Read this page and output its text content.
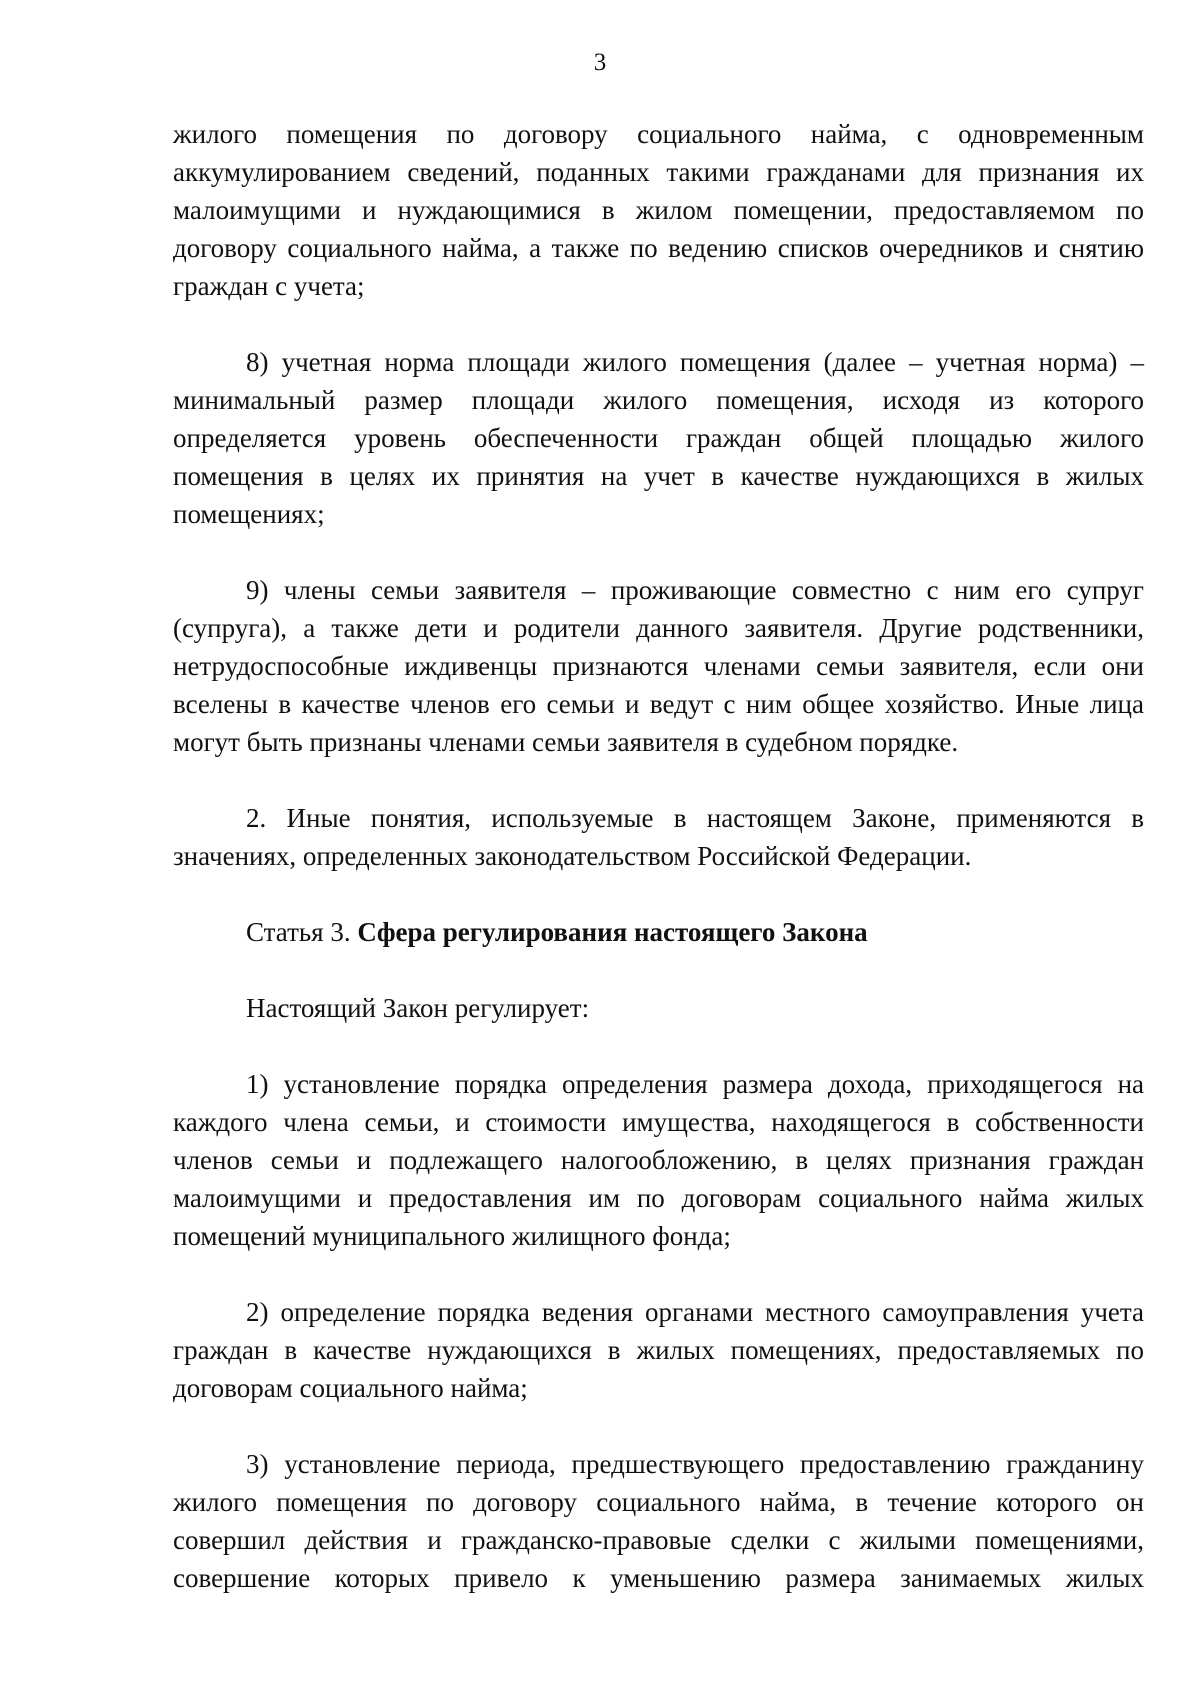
3

жилого помещения по договору социального найма, с одновременным аккумулированием сведений, поданных такими гражданами для признания их малоимущими и нуждающимися в жилом помещении, предоставляемом по договору социального найма, а также по ведению списков очередников и снятию граждан с учета;

8) учетная норма площади жилого помещения (далее – учетная норма) – минимальный размер площади жилого помещения, исходя из которого определяется уровень обеспеченности граждан общей площадью жилого помещения в целях их принятия на учет в качестве нуждающихся в жилых помещениях;

9) члены семьи заявителя – проживающие совместно с ним его супруг (супруга), а также дети и родители данного заявителя. Другие родственники, нетрудоспособные иждивенцы признаются членами семьи заявителя, если они вселены в качестве членов его семьи и ведут с ним общее хозяйство. Иные лица могут быть признаны членами семьи заявителя в судебном порядке.

2. Иные понятия, используемые в настоящем Законе, применяются в значениях, определенных законодательством Российской Федерации.

Статья 3. Сфера регулирования настоящего Закона

Настоящий Закон регулирует:

1) установление порядка определения размера дохода, приходящегося на каждого члена семьи, и стоимости имущества, находящегося в собственности членов семьи и подлежащего налогообложению, в целях признания граждан малоимущими и предоставления им по договорам социального найма жилых помещений муниципального жилищного фонда;

2) определение порядка ведения органами местного самоуправления учета граждан в качестве нуждающихся в жилых помещениях, предоставляемых по договорам социального найма;

3) установление периода, предшествующего предоставлению гражданину жилого помещения по договору социального найма, в течение которого он совершил действия и гражданско-правовые сделки с жилыми помещениями, совершение которых привело к уменьшению размера занимаемых жилых
